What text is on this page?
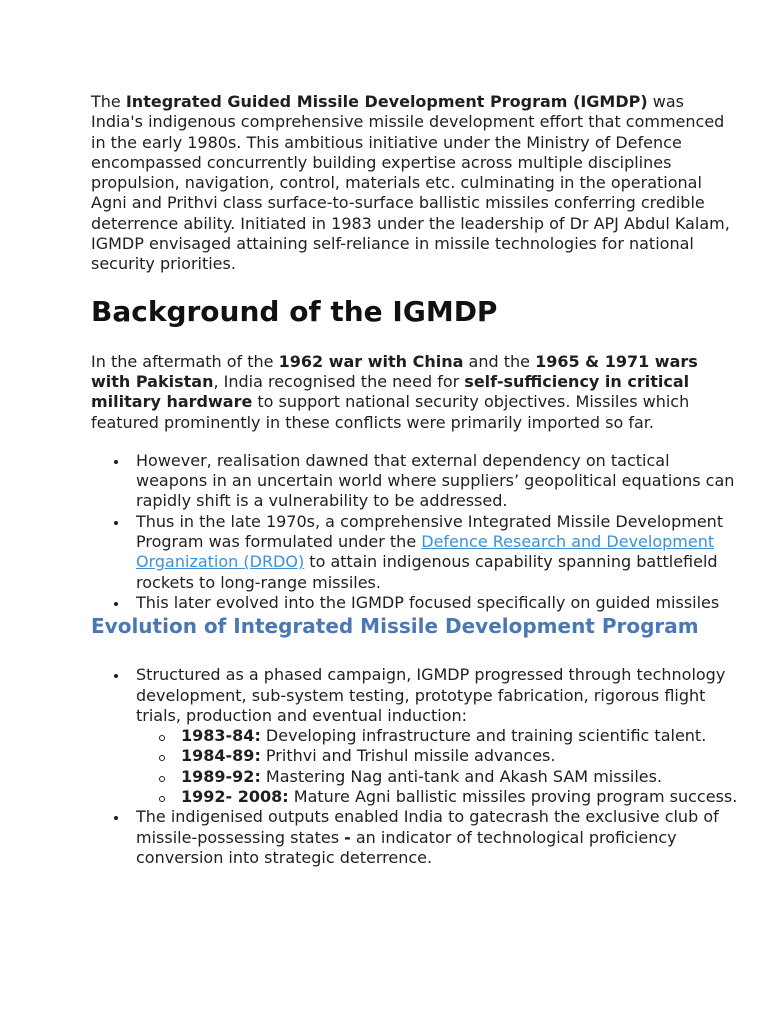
The Integrated Guided Missile Development Program (IGMDP) was India's indigenous comprehensive missile development effort that commenced in the early 1980s. This ambitious initiative under the Ministry of Defence encompassed concurrently building expertise across multiple disciplines propulsion, navigation, control, materials etc. culminating in the operational Agni and Prithvi class surface-to-surface ballistic missiles conferring credible deterrence ability. Initiated in 1983 under the leadership of Dr APJ Abdul Kalam, IGMDP envisaged attaining self-reliance in missile technologies for national security priorities.

Background of the IGMDP

In the aftermath of the 1962 war with China and the 1965 & 1971 wars with Pakistan, India recognised the need for self-sufficiency in critical military hardware to support national security objectives. Missiles which featured prominently in these conflicts were primarily imported so far.

However, realisation dawned that external dependency on tactical weapons in an uncertain world where suppliers’ geopolitical equations can rapidly shift is a vulnerability to be addressed.
Thus in the late 1970s, a comprehensive Integrated Missile Development Program was formulated under the Defence Research and Development Organization (DRDO) to attain indigenous capability spanning battlefield rockets to long-range missiles.
This later evolved into the IGMDP focused specifically on guided missiles
Evolution of Integrated Missile Development Program
Structured as a phased campaign, IGMDP progressed through technology development, sub-system testing, prototype fabrication, rigorous flight trials, production and eventual induction:
1983-84: Developing infrastructure and training scientific talent.
1984-89: Prithvi and Trishul missile advances.
1989-92: Mastering Nag anti-tank and Akash SAM missiles.
1992- 2008: Mature Agni ballistic missiles proving program success.
The indigenised outputs enabled India to gatecrash the exclusive club of missile-possessing states - an indicator of technological proficiency conversion into strategic deterrence.
